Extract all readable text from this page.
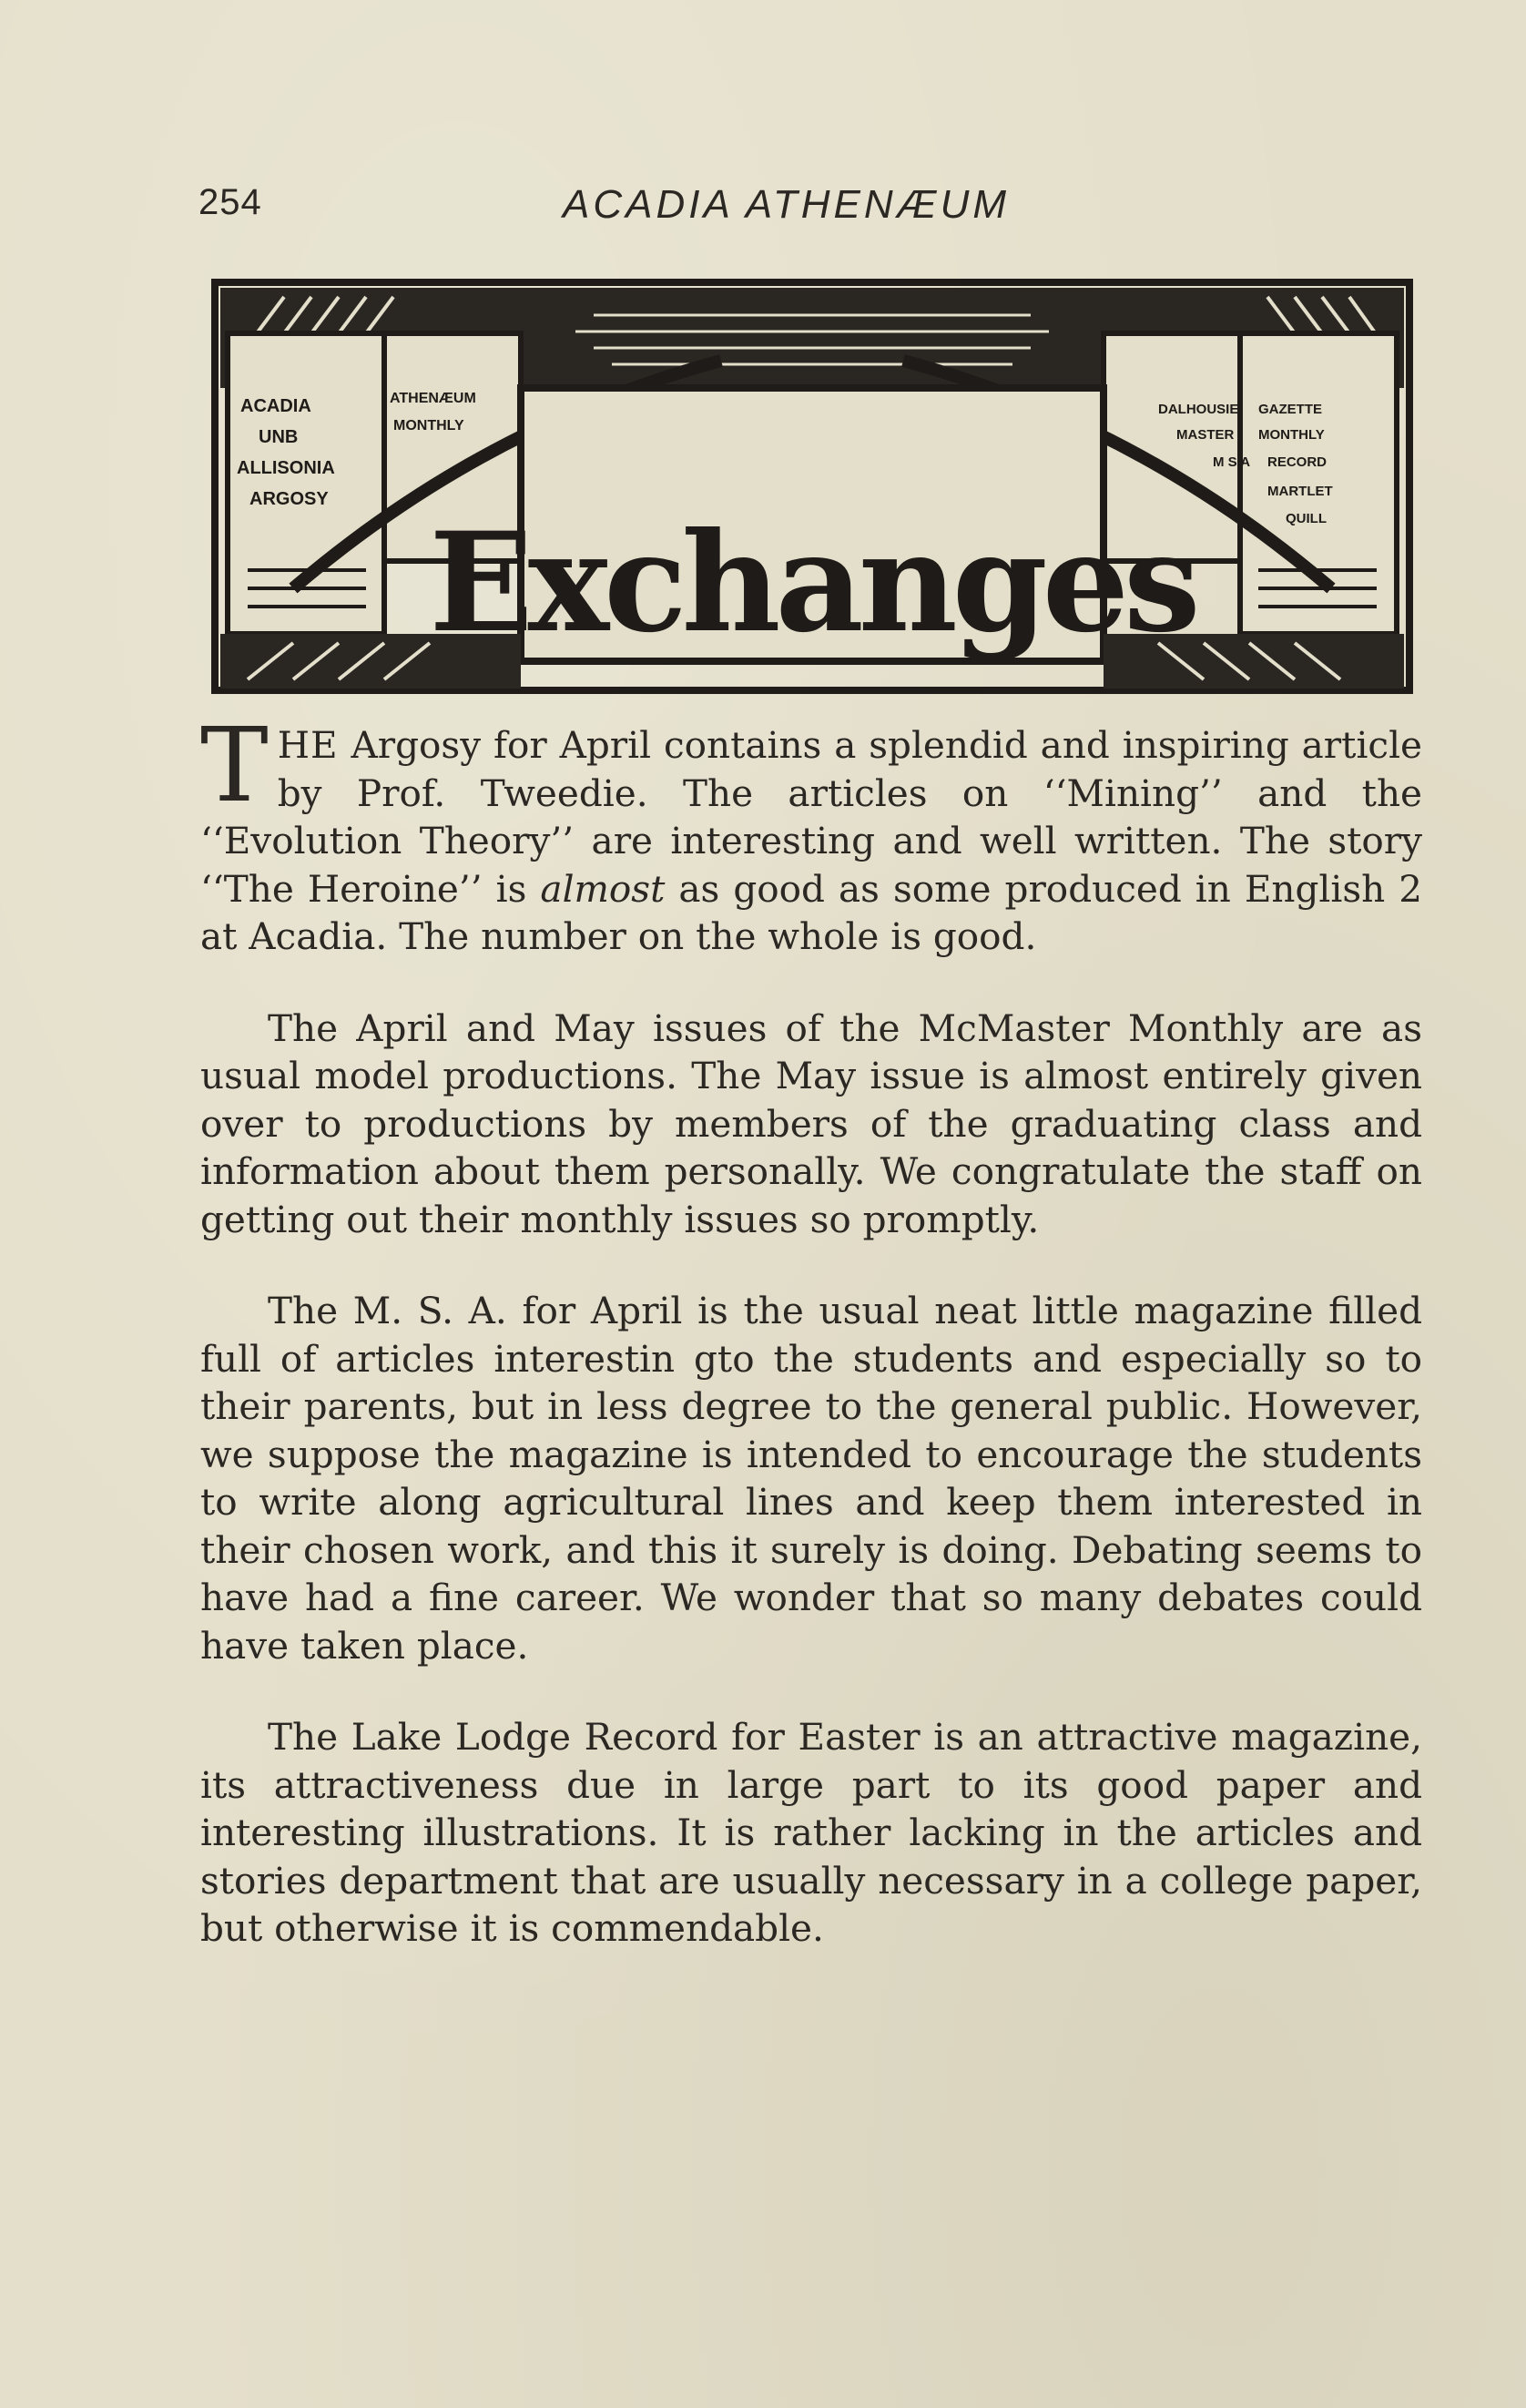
254	ACADIA ATHENÆUM
ACADIA
UNB
ALLISONIA
ARGOSY
ATHENÆUM
MONTHLY
DALHOUSIE GAZETTE
MASTER MONTHLY
M S A RECORD
MARTLET
QUILL
Exchanges

THE Argosy for April contains a splendid and inspiring article by Prof. Tweedie. The articles on ‘‘Mining’’ and the ‘‘Evolution Theory’’ are interesting and well written. The story ‘‘The Heroine’’ is almost as good as some produced in English 2 at Acadia. The number on the whole is good.

The April and May issues of the McMaster Monthly are as usual model productions. The May issue is almost entirely given over to productions by members of the graduating class and information about them personally. We congratulate the staff on getting out their monthly issues so promptly.

The M. S. A. for April is the usual neat little magazine filled full of articles interestin gto the students and especially so to their parents, but in less degree to the general public. However, we suppose the magazine is intended to encourage the students to write along agricultural lines and keep them interested in their chosen work, and this it surely is doing. Debating seems to have had a fine career. We wonder that so many debates could have taken place.

The Lake Lodge Record for Easter is an attractive magazine, its attractiveness due in large part to its good paper and interesting illustrations. It is rather lacking in the articles and stories department that are usually necessary in a college paper, but otherwise it is commendable.
